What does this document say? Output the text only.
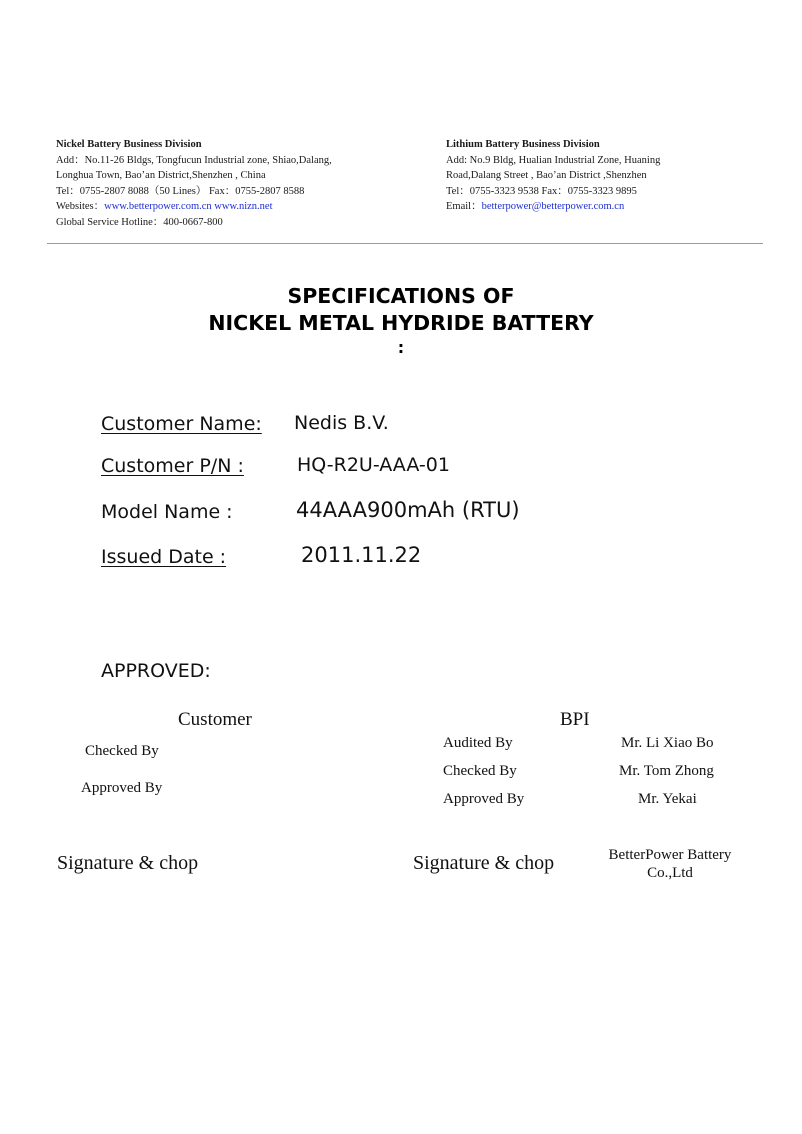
Nickel Battery Business Division
Add：No.11-26 Bldgs, Tongfucun Industrial zone, Shiao,Dalang,
Longhua Town, Bao’an District,Shenzhen , China
Tel：0755-2807 8088（50 Lines） Fax：0755-2807 8588
Websites：www.betterpower.com.cn www.nizn.net
Global Service Hotline：400-0667-800
Lithium Battery Business Division
Add: No.9 Bldg, Hualian Industrial Zone, Huaning
Road,Dalang Street , Bao’an District ,Shenzhen
Tel：0755-3323 9538 Fax：0755-3323 9895
Email：betterpower@betterpower.com.cn
SPECIFICATIONS OF
NICKEL METAL HYDRIDE BATTERY
:
Customer Name: Nedis B.V.
Customer P/N :	HQ-R2U-AAA-01
Model Name :	44AAA900mAh (RTU)
Issued Date :	2011.11.22
APPROVED:
Customer
Checked By
Approved By
BPI
Audited By	Mr. Li Xiao Bo
Checked By	Mr. Tom Zhong
Approved By	Mr. Yekai
Signature & chop	Signature & chop	BetterPower Battery
Co.,Ltd
